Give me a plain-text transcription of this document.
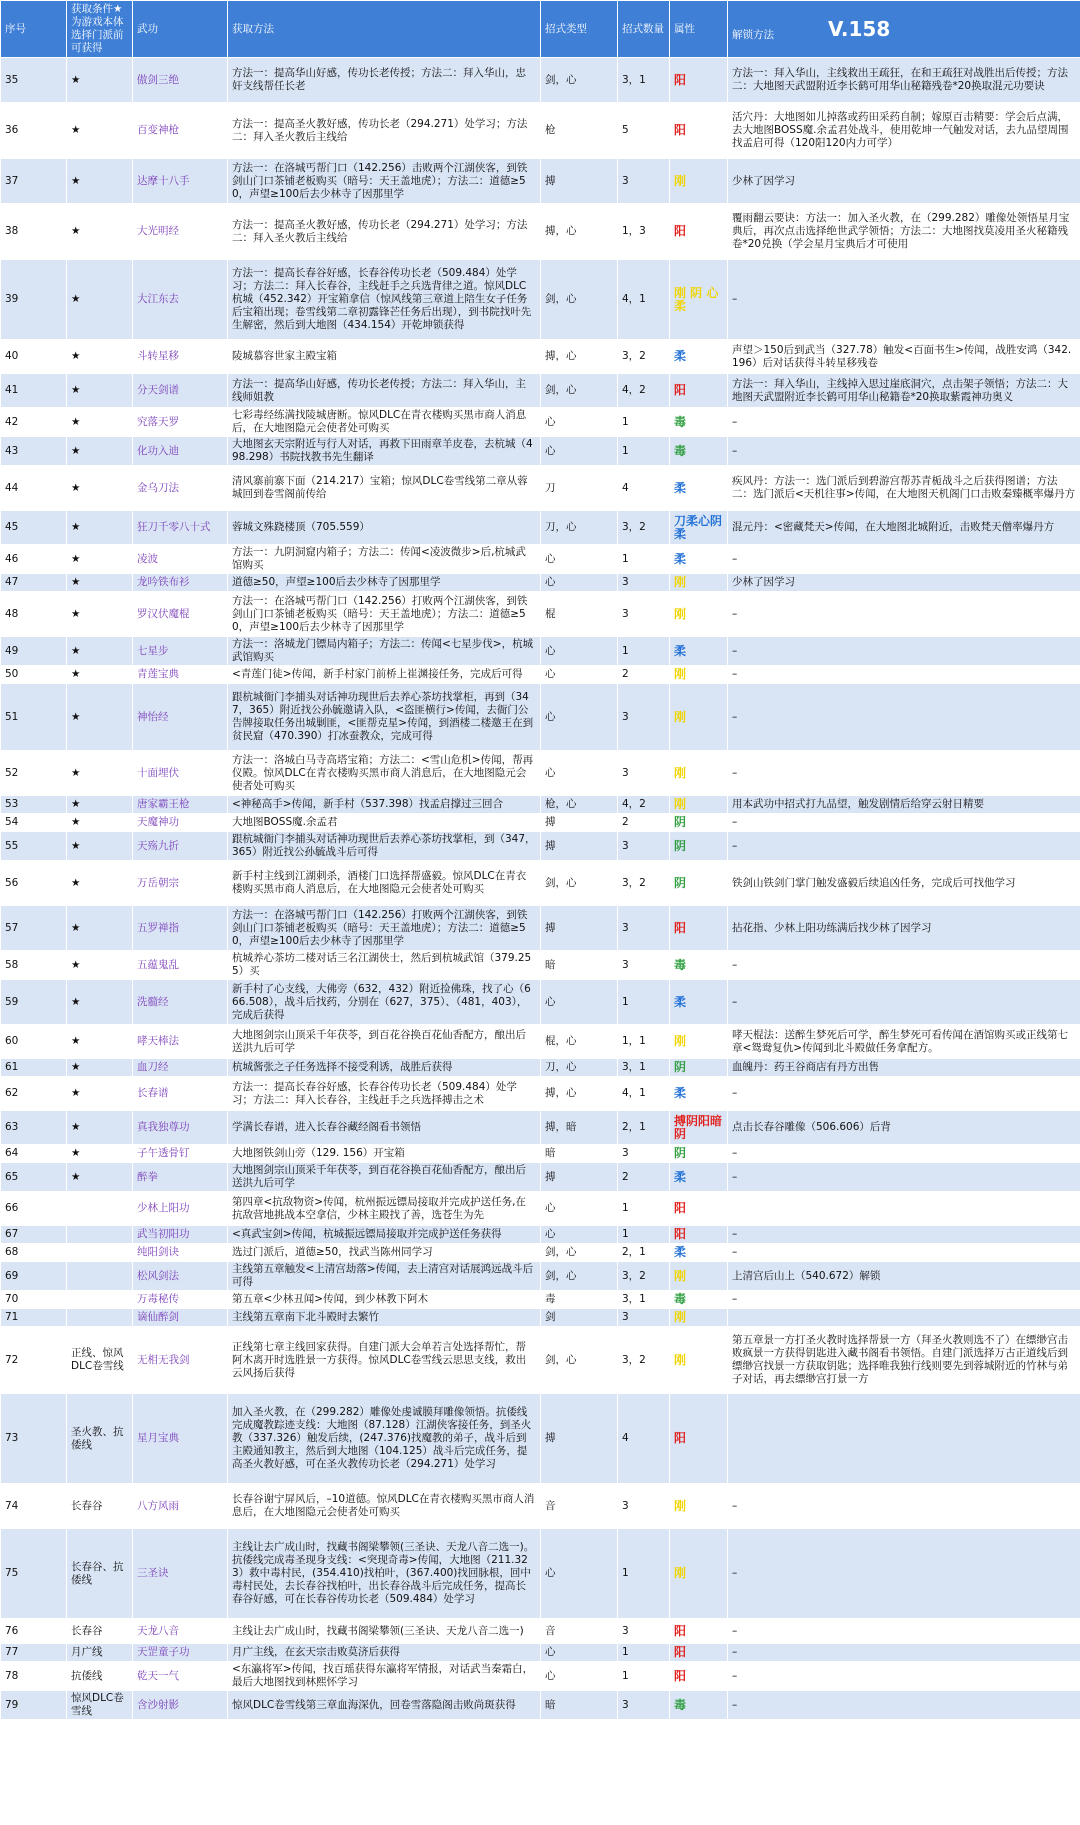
序号	获取条件★为游戏本体选择门派前可获得	武功	获取方法	招式类型	招式数量	属性	解锁方法 V.158
35	★	傲剑三绝	方法一：提高华山好感，传功长老传授；方法二：拜入华山，忠奸支线帮任长老	剑，心	3，1	阳	方法一：拜入华山，主线救出王疏狂，在和王疏狂对战胜出后传授；方法二：大地图天武盟附近李长鹤可用华山秘籍残卷*20换取混元功要诀
36	★	百变神枪	方法一：提高圣火教好感，传功长老（294.271）处学习；方法二：拜入圣火教后主线给	枪	5	阳	活穴丹：大地图如儿掉落或药田采药自制；嫁原百击精要：学会后点满，去大地图BOSS魔.余孟君处战斗，使用乾坤一气触发对话，去九品望周围找孟启可得（120阳120内力可学）
37	★	达摩十八手	方法一：在洛城丐帮门口（142.256）击败两个江湖侠客，到铁剑山门口茶铺老板购买（暗号：天王盖地虎）；方法二：道德≥50，声望≥100后去少林寺了因那里学	搏	3	刚	少林了因学习
38	★	大光明经	方法一：提高圣火教好感，传功长老（294.271）处学习；方法二：拜入圣火教后主线给	搏，心	1，3	阳	覆雨翻云要诀：方法一：加入圣火教，在（299.282）雕像处领悟星月宝典后，再次点击选择绝世武学领悟；方法二：大地图找莫凌用圣火秘籍残卷*20兑换（学会星月宝典后才可使用
39	★	大江东去	方法一：提高长春谷好感，长春谷传功长老（509.484）处学习；方法二：拜入长春谷，主线赶手之兵选背律之道。惊风DLC杭城（452.342）开宝箱拿信（惊风线第三章道上陪生女子任务后宝箱出现；卷雪线第二章初露锋芒任务后出现），到书院找叶先生解密，然后到大地图（434.154）开乾坤锁获得	剑，心	4，1	刚 阴 心柔	–
40	★	斗转星移	陵城慕容世家主殿宝箱	搏，心	3，2	柔	声望＞150后到武当（327.78）触发<百面书生>传闻，战胜安鸿（342.196）后对话获得斗转星移残卷
41	★	分天剑谱	方法一：提高华山好感，传功长老传授；方法二：拜入华山，主线师姐教	剑，心	4，2	阳	方法一：拜入华山，主线掉入思过崖底洞穴，点击架子领悟；方法二：大地图天武盟附近李长鹤可用华山秘籍卷*20换取紫霞神功奥义
42	★	究落天罗	七彩毒经练满找陵城唐断。惊风DLC在青衣楼购买黑市商人消息后，在大地图隐元会使者处可购买	心	1	毒	–
43	★	化功入迪	大地图玄天宗附近与行人对话，再救下田雨章羊皮卷，去杭城（498.298）书院找教书先生翻译	心	1	毒	–
44	★	金乌刀法	清风寨前寨下面（214.217）宝箱；惊风DLC卷雪线第二章从蓉城回到卷雪阁前传给	刀	4	柔	疾风丹：方法一：选门派后到碧游宫帮苏青栀战斗之后获得图谱；方法二：选门派后<天机往事>传闻，在大地图天机阁门口击败秦臻概率爆丹方
45	★	狂刀千零八十式	蓉城文殊跷楼顶（705.559）	刀，心	3，2	刀柔心阴柔	混元丹：<密藏梵天>传闻，在大地图北城附近，击败梵天僧率爆丹方
46	★	凌波	方法一：九阴洞窟内箱子；方法二：传闻<凌波微步>后,杭城武馆购买	心	1	柔	–
47	★	龙吟铁布衫	道德≥50，声望≥100后去少林寺了因那里学	心	3	刚	少林了因学习
48	★	罗汉伏魔棍	方法一：在洛城丐帮门口（142.256）打败两个江湖侠客，到铁剑山门口茶铺老板购买（暗号：天王盖地虎）；方法二：道德≥50，声望≥100后去少林寺了因那里学	棍	3	刚	–
49	★	七星步	方法一：洛城龙门镖局内箱子；方法二：传闻<七星步伐>，杭城武馆购买	心	1	柔	–
50	★	青莲宝典	<青莲门徒>传闻，新手村家门前桥上崔渊接任务，完成后可得	心	2	刚	–
51	★	神怡经	跟杭城衙门李捕头对话神功现世后去养心茶坊找掌柜，再到（347，365）附近找公孙毓邀请入队，<盗匪横行>传闻，去衙门公告牌接取任务出城剿匪，<匪帮克星>传闻，到酒楼二楼邀王在到贫民窟（470.390）打冰蚕教众，完成可得	心	3	刚	–
52	★	十面埋伏	方法一：洛城白马寺高塔宝箱；方法二：<雪山危机>传闻，帮再仪殿。惊风DLC在青衣楼购买黑市商人消息后，在大地图隐元会使者处可购买	心	3	刚	–
53	★	唐家霸王枪	<神秘高手>传闻，新手村（537.398）找孟启撑过三回合	枪，心	4，2	刚	用本武功中招式打九品望，触发剧情后给穿云射日精要
54	★	天魔神功	大地图BOSS魔.余孟君	搏	2	阴	–
55	★	天殇九折	跟杭城衙门李捕头对话神功现世后去养心茶坊找掌柜，到（347，365）附近找公孙毓战斗后可得	搏	3	阴	–
56	★	万岳朝宗	新手村主线到江湖刺杀，酒楼门口选择帮盛毅。惊风DLC在青衣楼购买黑市商人消息后，在大地图隐元会使者处可购买	剑，心	3，2	阴	铁剑山铁剑门掌门触发盛毅后续追凶任务，完成后可找他学习
57	★	五罗禅指	方法一：在洛城丐帮门口（142.256）打败两个江湖侠客，到铁剑山门口茶铺老板购买（暗号：天王盖地虎）；方法二：道德≥50，声望≥100后去少林寺了因那里学	搏	3	阳	拈花指、少林上阳功练满后找少林了因学习
58	★	五蕴鬼乱	杭城养心茶坊二楼对话三名江湖侠士，然后到杭城武馆（379.255）买	暗	3	毒	–
59	★	洗髓经	新手村了心支线，大佛旁（632，432）附近捡佛珠，找了心（666.508），战斗后找药，分别在（627，375）、（481，403），完成后获得	心	1	柔	–
60	★	哮天棒法	大地图剑宗山顶采千年茯苓，到百花谷换百花仙香配方，酿出后送洪九后可学	棍，心	1，1	刚	哮天棍法：送醉生梦死后可学，醉生梦死可看传闻在酒馆购买或正线第七章<鸳鸯复仇>传闻到北斗殿做任务拿配方。
61	★	血刀经	杭城酱张之子任务选择不接受利诱，战胜后获得	刀，心	3，1	阴	血魄丹：药王谷商店有丹方出售
62	★	长春谱	方法一：提高长春谷好感，长春谷传功长老（509.484）处学习；方法二：拜入长春谷，主线赶手之兵选择搏击之术	搏，心	4，1	柔	–
63	★	真我独尊功	学满长春谱，进入长春谷藏经阁看书领悟	搏，暗	2，1	搏阴阳暗阴	点击长春谷雕像（506.606）后背
64	★	子午透骨钉	大地图铁剑山旁（129. 156）开宝箱	暗	3	阴	–
65	★	醉拳	大地图剑宗山顶采千年茯苓，到百花谷换百花仙香配方，酿出后送洪九后可学	搏	2	柔	–
66		少林上阳功	第四章<抗敌物资>传闻，杭州振远镖局接取并完成护送任务,在抗敌营地挑战本空拿信，少林主殿找了善，选苍生为先	心	1	阳	
67		武当初阳功	<真武宝剑>传闻，杭城振远镖局接取并完成护送任务获得	心	1	阳	–
68		纯阳剑诀	选过门派后，道德≥50，找武当陈州同学习	剑，心	2，1	柔	–
69		松风剑法	主线第五章触发<上清宫劫落>传闻，去上清宫对话展鸿远战斗后可得	剑，心	3，2	刚	上清宫后山上（540.672）解锁
70		万毒秘传	第五章<少林丑闻>传闻，到少林教下阿木	毒	3，1	毒	–
71		谪仙醉剑	主线第五章南下北斗殿时去繁竹	剑	3	刚	
72	正线、惊风DLC卷雪线	无相无我剑	正线第七章主线回家获得。自建门派大会单若言处选择帮忙，帮阿木离开时选胜景一方获得。惊风DLC卷雪线云思思支线，救出云风扬后获得	剑，心	3，2	刚	第五章景一方打圣火教时选择帮景一方（拜圣火教则选不了）在缥缈宫击败疯景一方获得钥匙进入藏书阁看书领悟。自建门派选择万古正道线后到缥缈宫找景一方获取钥匙；选择唯我独行线则要先到蓉城附近的竹林与弟子对话，再去缥缈宫打景一方
73	圣火教、抗倭线	星月宝典	加入圣火教，在（299.282）雕像处虔诚膜拜雕像领悟。抗倭线完成魔教踪迹支线：大地图（87.128）江湖侠客接任务，到圣火教（337.326）触发后续，(247.376)找魔教的弟子，战斗后到主殿通知教主，然后到大地图（104.125）战斗后完成任务，提高圣火教好感，可在圣火教传功长老（294.271）处学习	搏	4	阳	
74	长春谷	八方风雨	长春谷谢宁屏风后，–10道德。惊风DLC在青衣楼购买黑市商人消息后，在大地图隐元会使者处可购买	音	3	刚	–
75	长春谷、抗倭线	三圣诀	主线让去广成山时，找藏书阁梁攀领(三圣诀、天龙八音二选一)。抗倭线完成毒圣现身支线：<突现奇毒>传闻，大地图（211.323）救中毒村民，(354.410)找柏叶，(367.400)找回脉根，回中毒村民处，去长春谷找柏叶，出长春谷战斗后完成任务，提高长春谷好感，可在长春谷传功长老（509.484）处学习	心	1	刚	–
76	长春谷	天龙八音	主线让去广成山时，找藏书阁梁攀领(三圣诀、天龙八音二选一)	音	3	阳	–
77	月广线	天罡童子功	月广主线，在玄天宗击败莫济后获得	心	1	阳	–
78	抗倭线	乾天一气	<东瀛将军>传闻，找百瑶获得东瀛将军情报，对话武当秦霜白，最后大地图找到林熙怀学习	心	1	阳	–
79	惊风DLC卷雪线	含沙射影	惊风DLC卷雪线第三章血海深仇，回卷雪落隐阁击败尚斑获得	暗	3	毒	–
